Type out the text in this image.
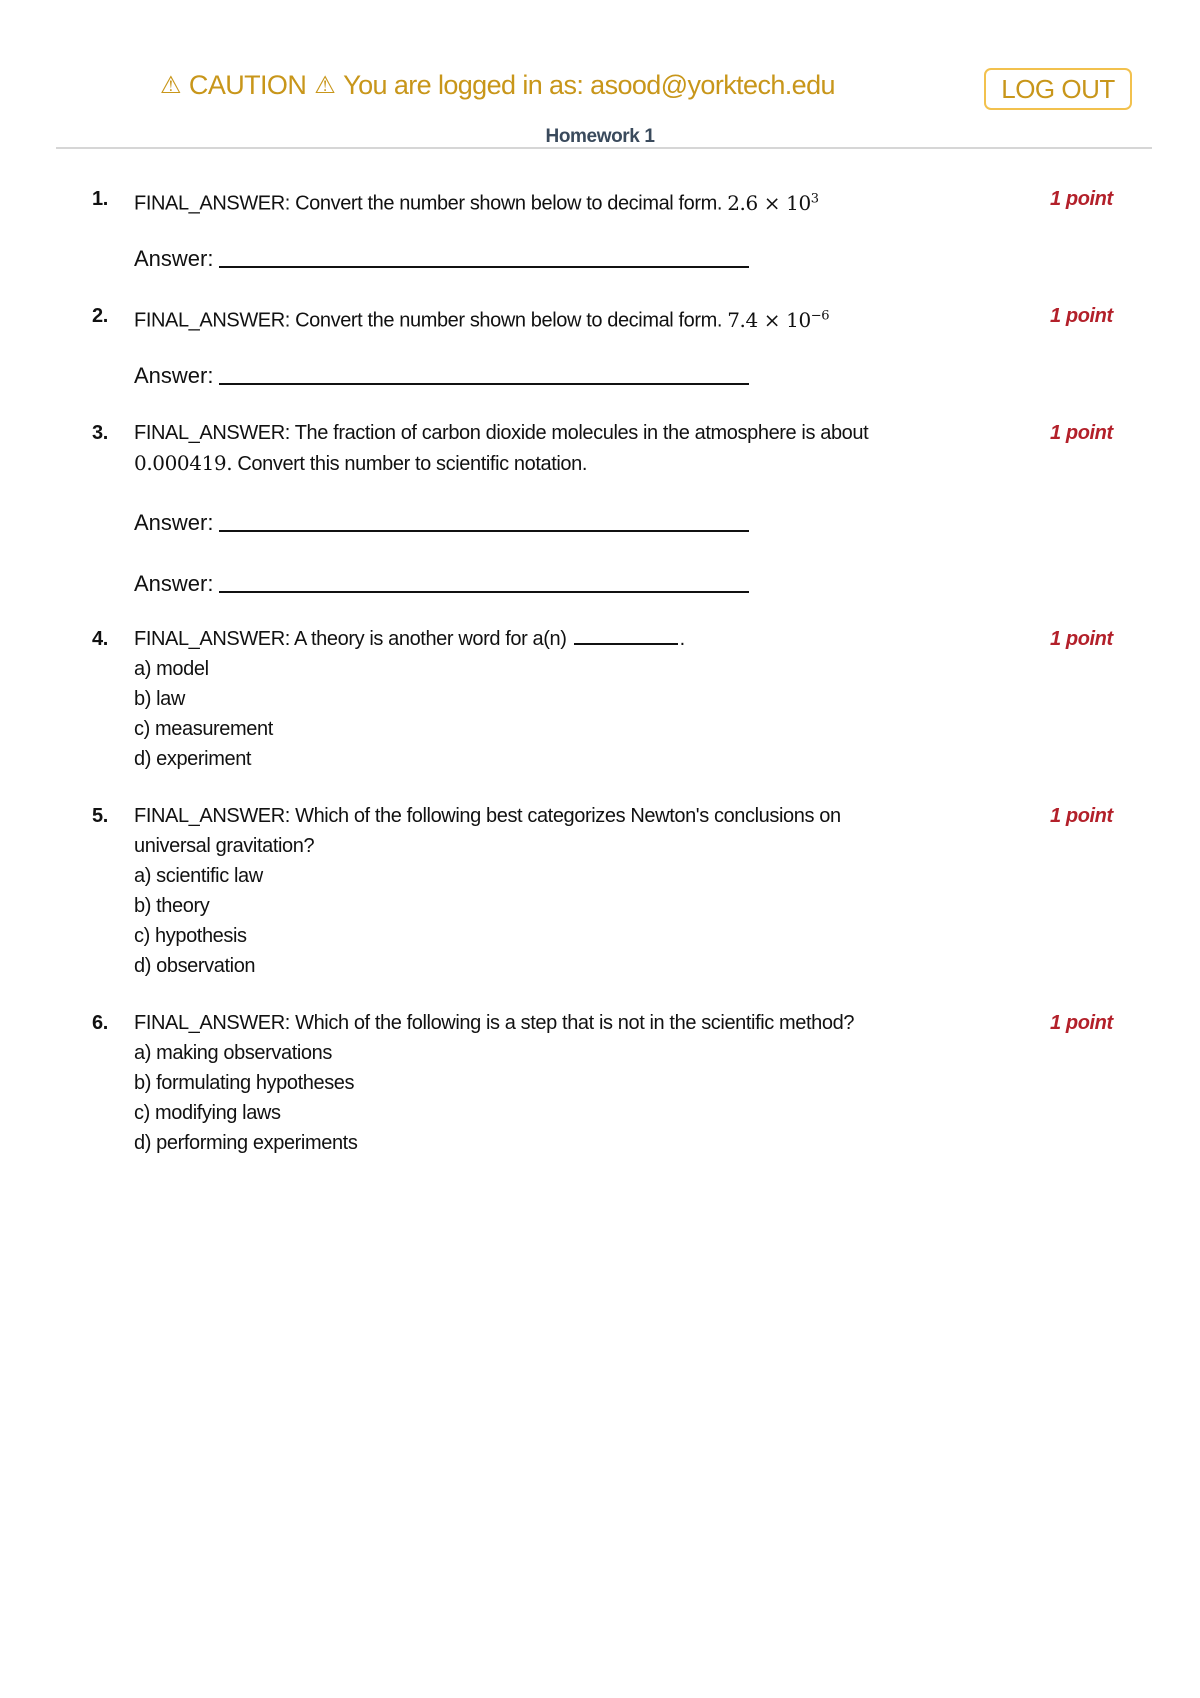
⚠ CAUTION ⚠ You are logged in as: asood@yorktech.edu	LOG OUT
Homework 1
1. FINAL_ANSWER: Convert the number shown below to decimal form. $2.6 \times 10^3$	1 point
Answer:
2. FINAL_ANSWER: Convert the number shown below to decimal form. $7.4 \times 10^{-6}$	1 point
Answer:
3. FINAL_ANSWER: The fraction of carbon dioxide molecules in the atmosphere is about
0.000419. Convert this number to scientific notation.
1 point
Answer:
Answer:
4. FINAL_ANSWER: A theory is another word for a(n)	.
a) model
b) law
c) measurement
d) experiment
1 point
5. FINAL_ANSWER: Which of the following best categorizes Newton's conclusions on
universal gravitation?
a) scientific law
b) theory
c) hypothesis
d) observation
1 point
6. FINAL_ANSWER: Which of the following is a step that is not in the scientific method?
a) making observations
b) formulating hypotheses
c) modifying laws
d) performing experiments
1 point
